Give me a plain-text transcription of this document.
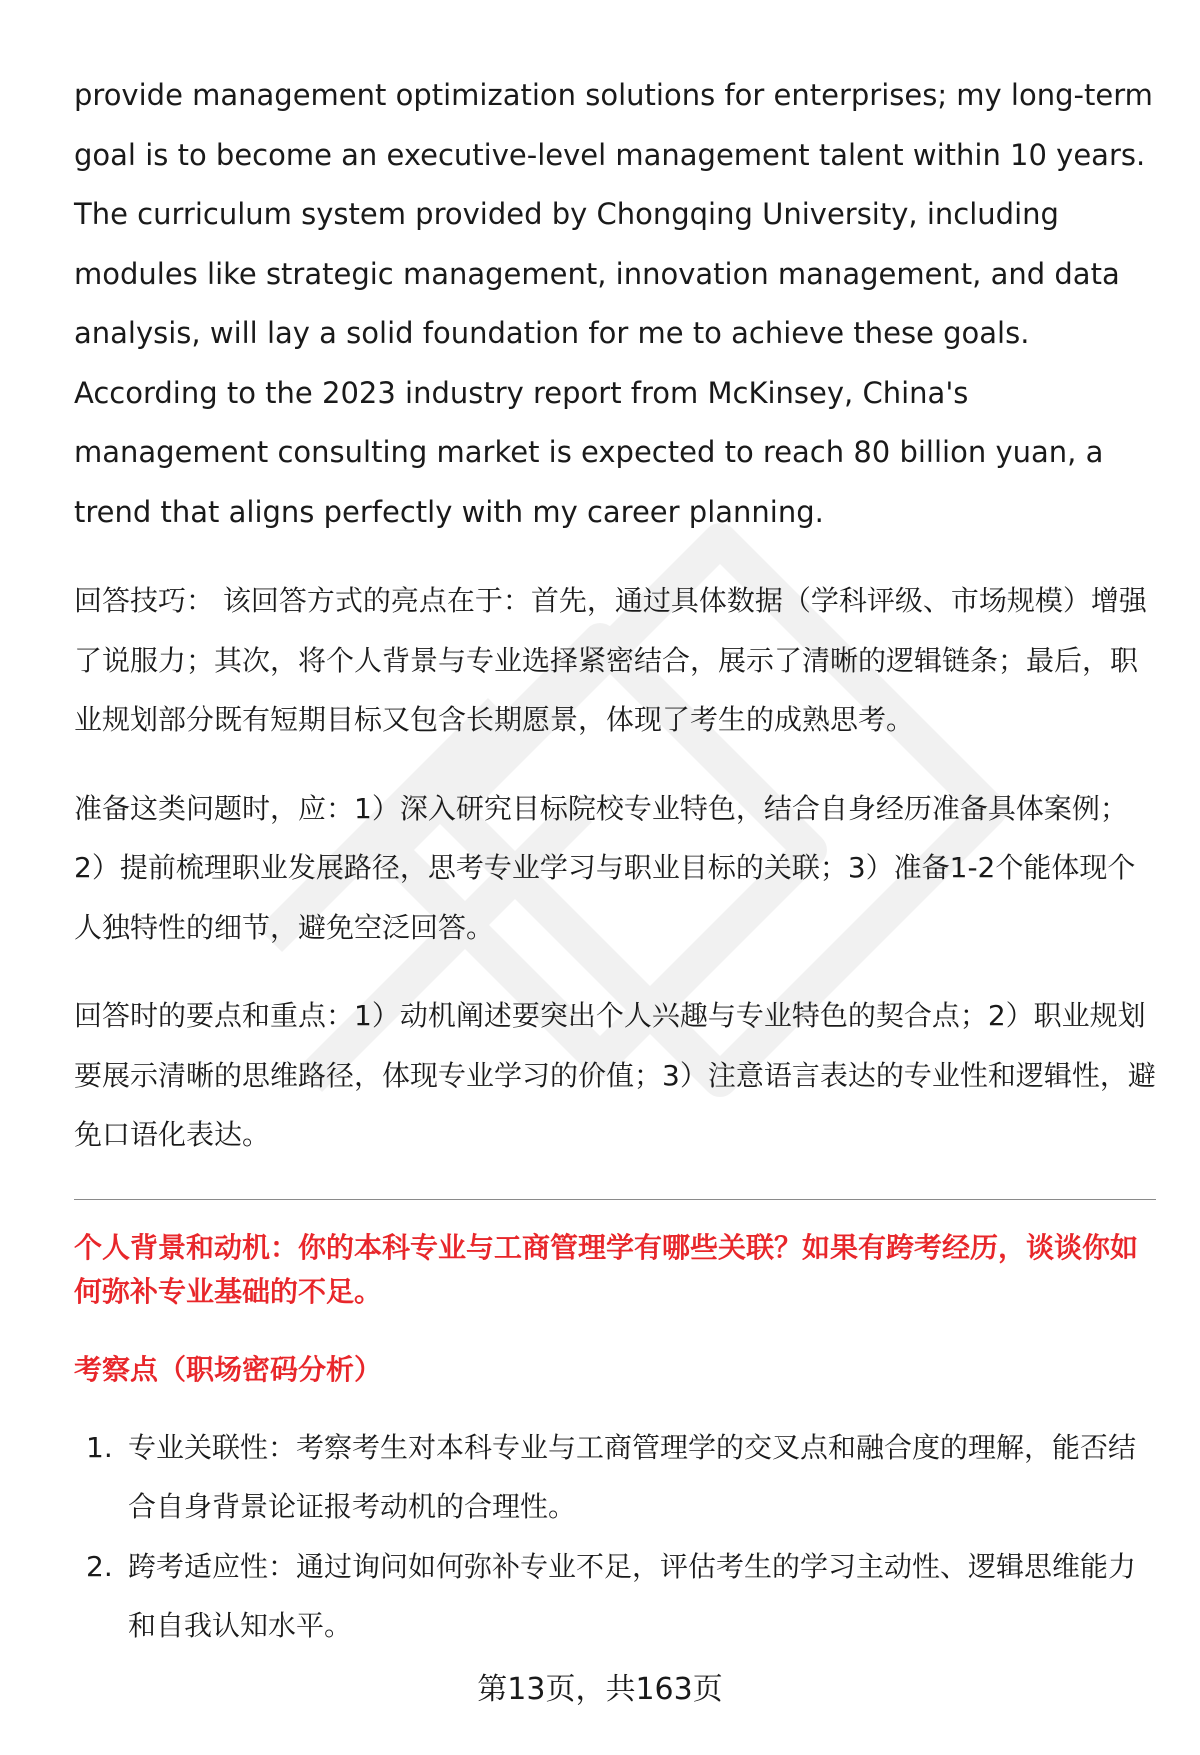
provide management optimization solutions for enterprises; my long-term goal is to become an executive-level management talent within 10 years. The curriculum system provided by Chongqing University, including modules like strategic management, innovation management, and data analysis, will lay a solid foundation for me to achieve these goals. According to the 2023 industry report from McKinsey, China's management consulting market is expected to reach 80 billion yuan, a trend that aligns perfectly with my career planning.

回答技巧： 该回答方式的亮点在于：首先，通过具体数据（学科评级、市场规模）增强了说服力；其次，将个人背景与专业选择紧密结合，展示了清晰的逻辑链条；最后，职业规划部分既有短期目标又包含长期愿景，体现了考生的成熟思考。

准备这类问题时，应：1）深入研究目标院校专业特色，结合自身经历准备具体案例；2）提前梳理职业发展路径，思考专业学习与职业目标的关联；3）准备1-2个能体现个人独特性的细节，避免空泛回答。

回答时的要点和重点：1）动机阐述要突出个人兴趣与专业特色的契合点；2）职业规划要展示清晰的思维路径，体现专业学习的价值；3）注意语言表达的专业性和逻辑性，避免口语化表达。

个人背景和动机：你的本科专业与工商管理学有哪些关联？如果有跨考经历，谈谈你如何弥补专业基础的不足。

考察点（职场密码分析）

1. 专业关联性：考察考生对本科专业与工商管理学的交叉点和融合度的理解，能否结合自身背景论证报考动机的合理性。
2. 跨考适应性：通过询问如何弥补专业不足，评估考生的学习主动性、逻辑思维能力和自我认知水平。
第13页，共163页
